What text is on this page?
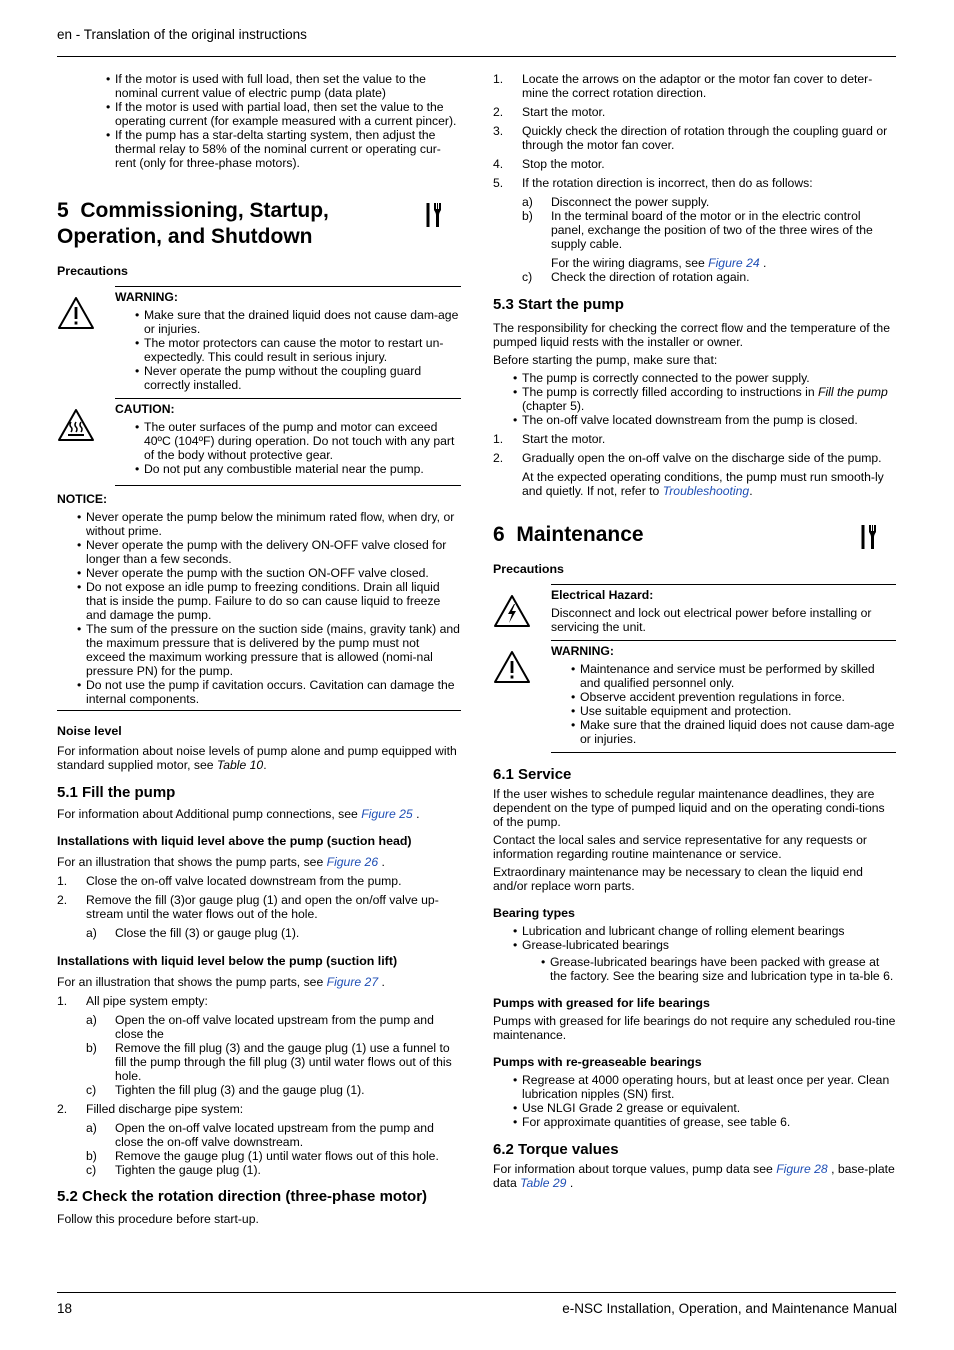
en - Translation of the original instructions
• If the motor is used with full load, then set the value to the nominal current value of electric pump (data plate)
• If the motor is used with partial load, then set the value to the operating current (for example measured with a current pincer).
• If the pump has a star-delta starting system, then adjust the thermal relay to 58% of the nominal current or operating cur-rent (only for three-phase motors).
5 Commissioning, Startup,
Operation, and Shutdown
Precautions
WARNING:
• Make sure that the drained liquid does not cause dam-age or injuries.
• The motor protectors can cause the motor to restart un-expectedly. This could result in serious injury.
• Never operate the pump without the coupling guard correctly installed.
CAUTION:
• The outer surfaces of the pump and motor can exceed 40ºC (104ºF) during operation. Do not touch with any part of the body without protective gear.
• Do not put any combustible material near the pump.
NOTICE:
• Never operate the pump below the minimum rated flow, when dry, or without prime.
• Never operate the pump with the delivery ON-OFF valve closed for longer than a few seconds.
• Never operate the pump with the suction ON-OFF valve closed.
• Do not expose an idle pump to freezing conditions. Drain all liquid that is inside the pump. Failure to do so can cause liquid to freeze and damage the pump.
• The sum of the pressure on the suction side (mains, gravity tank) and the maximum pressure that is delivered by the pump must not exceed the maximum working pressure that is allowed (nomi-nal pressure PN) for the pump.
• Do not use the pump if cavitation occurs. Cavitation can damage the internal components.
Noise level

For information about noise levels of pump alone and pump equipped with standard supplied motor, see Table 10.

5.1 Fill the pump

For information about Additional pump connections, see Figure 25 .

Installations with liquid level above the pump (suction head)

For an illustration that shows the pump parts, see Figure 26 .

1.	Close the on-off valve located downstream from the pump.
2.	Remove the fill (3)or gauge plug (1) and open the on/off valve up-stream until the water flows out of the hole.
a)	Close the fill (3) or gauge plug (1).
Installations with liquid level below the pump (suction lift)

For an illustration that shows the pump parts, see Figure 27 .

1.	All pipe system empty:
a)	Open the on-off valve located upstream from the pump and close the
b)	Remove the fill plug (3) and the gauge plug (1) use a funnel to fill the pump through the fill plug (3) until water flows out of this hole.
c)	Tighten the fill plug (3) and the gauge plug (1).
2.	Filled discharge pipe system:
a)	Open the on-off valve located upstream from the pump and close the on-off valve downstream.
b)	Remove the gauge plug (1) until water flows out of this hole.
c)	Tighten the gauge plug (1).
5.2 Check the rotation direction (three-phase motor)

Follow this procedure before start-up.

1.	Locate the arrows on the adaptor or the motor fan cover to deter-mine the correct rotation direction.
2.	Start the motor.
3.	Quickly check the direction of rotation through the coupling guard or through the motor fan cover.
4.	Stop the motor.
5.	If the rotation direction is incorrect, then do as follows:
a)	Disconnect the power supply.
b)	In the terminal board of the motor or in the electric control panel, exchange the position of two of the three wires of the supply cable.

For the wiring diagrams, see Figure 24 .

c)	Check the direction of rotation again.
5.3 Start the pump

The responsibility for checking the correct flow and the temperature of the pumped liquid rests with the installer or owner.

Before starting the pump, make sure that:

• The pump is correctly connected to the power supply.
• The pump is correctly filled according to instructions in Fill the pump (chapter 5).
• The on-off valve located downstream from the pump is closed.
1.	Start the motor.
2.	Gradually open the on-off valve on the discharge side of the pump.

At the expected operating conditions, the pump must run smooth-ly and quietly. If not, refer to Troubleshooting.

6 Maintenance
Precautions
Electrical Hazard:

Disconnect and lock out electrical power before installing or servicing the unit.

WARNING:
• Maintenance and service must be performed by skilled and qualified personnel only.
• Observe accident prevention regulations in force.
• Use suitable equipment and protection.
• Make sure that the drained liquid does not cause dam-age or injuries.
6.1 Service

If the user wishes to schedule regular maintenance deadlines, they are dependent on the type of pumped liquid and on the operating condi-tions of the pump.

Contact the local sales and service representative for any requests or information regarding routine maintenance or service.

Extraordinary maintenance may be necessary to clean the liquid end and/or replace worn parts.

Bearing types
• Lubrication and lubricant change of rolling element bearings
• Grease-lubricated bearings
• Grease-lubricated bearings have been packed with grease at the factory. See the bearing size and lubrication type in ta-ble 6.
Pumps with greased for life bearings

Pumps with greased for life bearings do not require any scheduled rou-tine maintenance.

Pumps with re-greaseable bearings
• Regrease at 4000 operating hours, but at least once per year. Clean lubrication nipples (SN) first.
• Use NLGI Grade 2 grease or equivalent.
• For approximate quantities of grease, see table 6.
6.2 Torque values

For information about torque values, pump data see Figure 28 , base-plate data Table 29 .

18	e-NSC Installation, Operation, and Maintenance Manual
